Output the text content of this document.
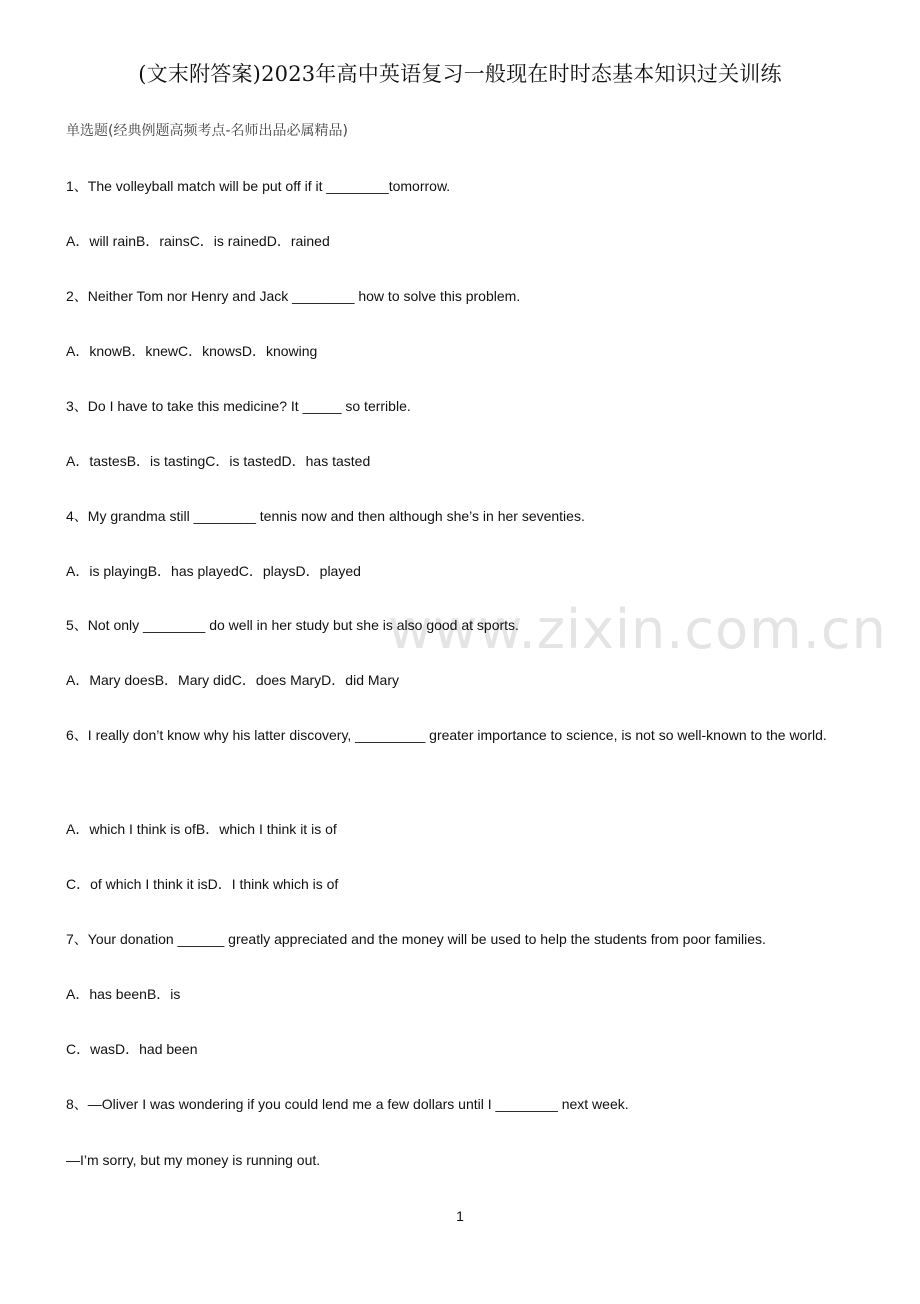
www.zixin.com.cn
(文末附答案)2023年高中英语复习一般现在时时态基本知识过关训练
单选题(经典例题高频考点-名师出品必属精品)
1、The volleyball match will be put off if it ________tomorrow.
A．will rainB．rainsC．is rainedD．rained
2、Neither Tom nor Henry and Jack ________ how to solve this problem.
A．knowB．knewC．knowsD．knowing
3、Do I have to take this medicine? It _____ so terrible.
A．tastesB．is tastingC．is tastedD．has tasted
4、My grandma still ________ tennis now and then although she’s in her seventies.
A．is playingB．has playedC．playsD．played
5、Not only ________ do well in her study but she is also good at sports.
A．Mary doesB．Mary didC．does MaryD．did Mary
6、I really don’t know why his latter discovery, _________ greater importance to science, is not so well-known to the world.
A．which I think is ofB．which I think it is of
C．of which I think it isD．I think which is of
7、Your donation ______ greatly appreciated and the money will be used to help the students from poor families.
A．has beenB．is
C．wasD．had been
8、—Oliver I was wondering if you could lend me a few dollars until I ________ next week.
—I’m sorry, but my money is running out.
1
